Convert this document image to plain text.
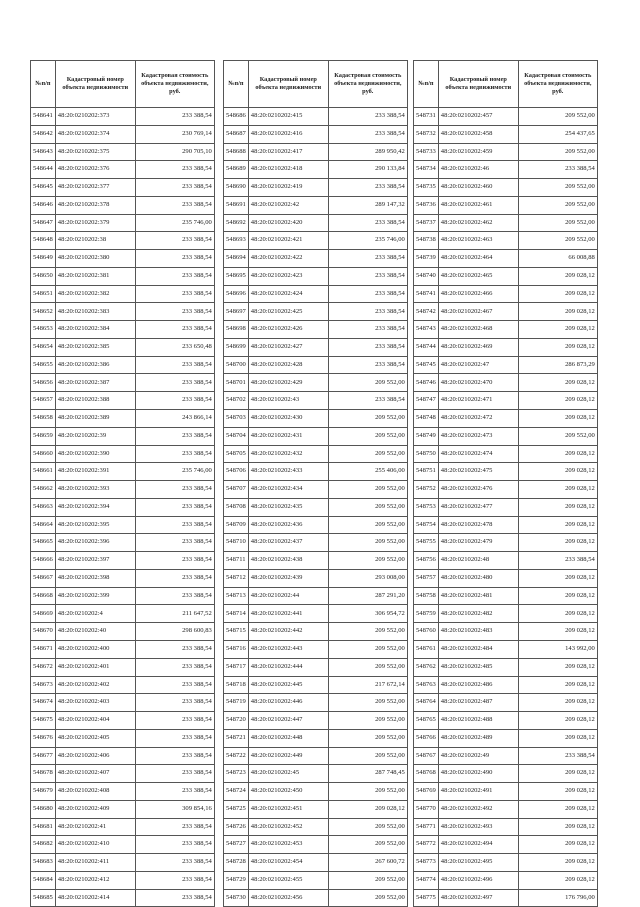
№п/п	Кадастровый номер объекта недвижимости	Кадастровая стоимость объекта недвижимости, руб.
548641	48:20:0210202:373	233 388,54
548642	48:20:0210202:374	230 769,14
548643	48:20:0210202:375	290 705,10
548644	48:20:0210202:376	233 388,54
548645	48:20:0210202:377	233 388,54
548646	48:20:0210202:378	233 388,54
548647	48:20:0210202:379	235 746,00
548648	48:20:0210202:38	233 388,54
548649	48:20:0210202:380	233 388,54
548650	48:20:0210202:381	233 388,54
548651	48:20:0210202:382	233 388,54
548652	48:20:0210202:383	233 388,54
548653	48:20:0210202:384	233 388,54
548654	48:20:0210202:385	233 650,48
548655	48:20:0210202:386	233 388,54
548656	48:20:0210202:387	233 388,54
548657	48:20:0210202:388	233 388,54
548658	48:20:0210202:389	243 866,14
548659	48:20:0210202:39	233 388,54
548660	48:20:0210202:390	233 388,54
548661	48:20:0210202:391	235 746,00
548662	48:20:0210202:393	233 388,54
548663	48:20:0210202:394	233 388,54
548664	48:20:0210202:395	233 388,54
548665	48:20:0210202:396	233 388,54
548666	48:20:0210202:397	233 388,54
548667	48:20:0210202:398	233 388,54
548668	48:20:0210202:399	233 388,54
548669	48:20:0210202:4	211 647,52
548670	48:20:0210202:40	298 600,83
548671	48:20:0210202:400	233 388,54
548672	48:20:0210202:401	233 388,54
548673	48:20:0210202:402	233 388,54
548674	48:20:0210202:403	233 388,54
548675	48:20:0210202:404	233 388,54
548676	48:20:0210202:405	233 388,54
548677	48:20:0210202:406	233 388,54
548678	48:20:0210202:407	233 388,54
548679	48:20:0210202:408	233 388,54
548680	48:20:0210202:409	309 854,16
548681	48:20:0210202:41	233 388,54
548682	48:20:0210202:410	233 388,54
548683	48:20:0210202:411	233 388,54
548684	48:20:0210202:412	233 388,54
548685	48:20:0210202:414	233 388,54
№п/п	Кадастровый номер объекта недвижимости	Кадастровая стоимость объекта недвижимости, руб.
548686	48:20:0210202:415	233 388,54
548687	48:20:0210202:416	233 388,54
548688	48:20:0210202:417	289 950,42
548689	48:20:0210202:418	290 133,84
548690	48:20:0210202:419	233 388,54
548691	48:20:0210202:42	289 147,32
548692	48:20:0210202:420	233 388,54
548693	48:20:0210202:421	235 746,00
548694	48:20:0210202:422	233 388,54
548695	48:20:0210202:423	233 388,54
548696	48:20:0210202:424	233 388,54
548697	48:20:0210202:425	233 388,54
548698	48:20:0210202:426	233 388,54
548699	48:20:0210202:427	233 388,54
548700	48:20:0210202:428	233 388,54
548701	48:20:0210202:429	209 552,00
548702	48:20:0210202:43	233 388,54
548703	48:20:0210202:430	209 552,00
548704	48:20:0210202:431	209 552,00
548705	48:20:0210202:432	209 552,00
548706	48:20:0210202:433	255 406,00
548707	48:20:0210202:434	209 552,00
548708	48:20:0210202:435	209 552,00
548709	48:20:0210202:436	209 552,00
548710	48:20:0210202:437	209 552,00
548711	48:20:0210202:438	209 552,00
548712	48:20:0210202:439	293 008,00
548713	48:20:0210202:44	287 291,20
548714	48:20:0210202:441	306 954,72
548715	48:20:0210202:442	209 552,00
548716	48:20:0210202:443	209 552,00
548717	48:20:0210202:444	209 552,00
548718	48:20:0210202:445	217 672,14
548719	48:20:0210202:446	209 552,00
548720	48:20:0210202:447	209 552,00
548721	48:20:0210202:448	209 552,00
548722	48:20:0210202:449	209 552,00
548723	48:20:0210202:45	287 748,45
548724	48:20:0210202:450	209 552,00
548725	48:20:0210202:451	209 028,12
548726	48:20:0210202:452	209 552,00
548727	48:20:0210202:453	209 552,00
548728	48:20:0210202:454	267 600,72
548729	48:20:0210202:455	209 552,00
548730	48:20:0210202:456	209 552,00
№п/п	Кадастровый номер объекта недвижимости	Кадастровая стоимость объекта недвижимости, руб.
548731	48:20:0210202:457	209 552,00
548732	48:20:0210202:458	254 437,65
548733	48:20:0210202:459	209 552,00
548734	48:20:0210202:46	233 388,54
548735	48:20:0210202:460	209 552,00
548736	48:20:0210202:461	209 552,00
548737	48:20:0210202:462	209 552,00
548738	48:20:0210202:463	209 552,00
548739	48:20:0210202:464	66 008,88
548740	48:20:0210202:465	209 028,12
548741	48:20:0210202:466	209 028,12
548742	48:20:0210202:467	209 028,12
548743	48:20:0210202:468	209 028,12
548744	48:20:0210202:469	209 028,12
548745	48:20:0210202:47	286 873,29
548746	48:20:0210202:470	209 028,12
548747	48:20:0210202:471	209 028,12
548748	48:20:0210202:472	209 028,12
548749	48:20:0210202:473	209 552,00
548750	48:20:0210202:474	209 028,12
548751	48:20:0210202:475	209 028,12
548752	48:20:0210202:476	209 028,12
548753	48:20:0210202:477	209 028,12
548754	48:20:0210202:478	209 028,12
548755	48:20:0210202:479	209 028,12
548756	48:20:0210202:48	233 388,54
548757	48:20:0210202:480	209 028,12
548758	48:20:0210202:481	209 028,12
548759	48:20:0210202:482	209 028,12
548760	48:20:0210202:483	209 028,12
548761	48:20:0210202:484	143 992,00
548762	48:20:0210202:485	209 028,12
548763	48:20:0210202:486	209 028,12
548764	48:20:0210202:487	209 028,12
548765	48:20:0210202:488	209 028,12
548766	48:20:0210202:489	209 028,12
548767	48:20:0210202:49	233 388,54
548768	48:20:0210202:490	209 028,12
548769	48:20:0210202:491	209 028,12
548770	48:20:0210202:492	209 028,12
548771	48:20:0210202:493	209 028,12
548772	48:20:0210202:494	209 028,12
548773	48:20:0210202:495	209 028,12
548774	48:20:0210202:496	209 028,12
548775	48:20:0210202:497	176 796,00
